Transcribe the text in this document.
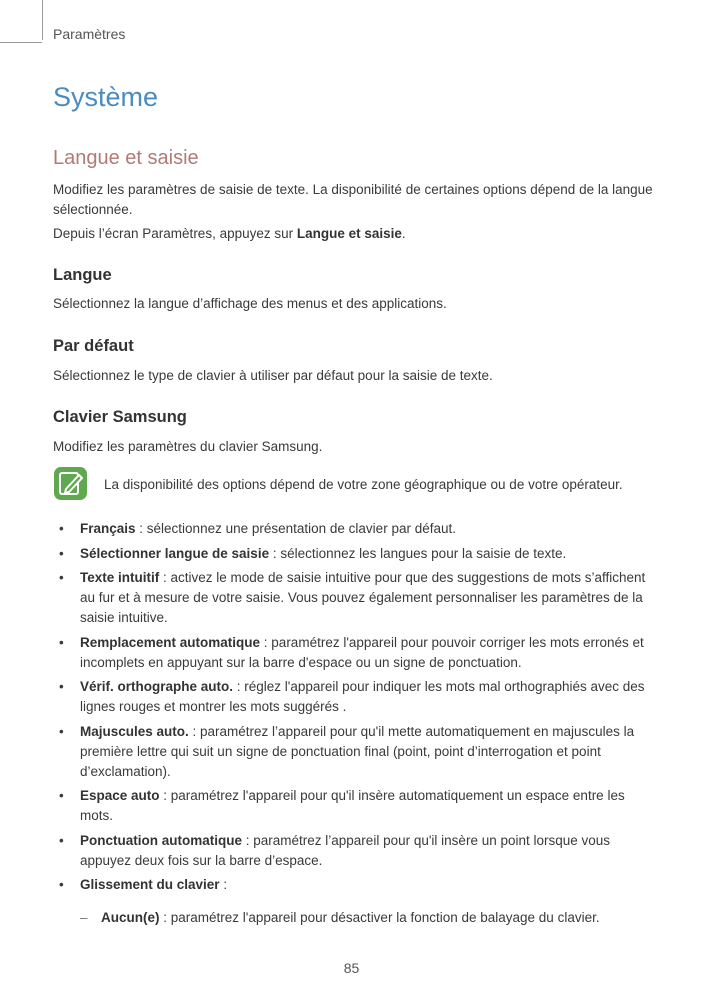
Paramètres
Système
Langue et saisie

Modifiez les paramètres de saisie de texte. La disponibilité de certaines options dépend de la langue sélectionnée.

Depuis l’écran Paramètres, appuyez sur Langue et saisie.

Langue

Sélectionnez la langue d’affichage des menus et des applications.

Par défaut

Sélectionnez le type de clavier à utiliser par défaut pour la saisie de texte.

Clavier Samsung

Modifiez les paramètres du clavier Samsung.

La disponibilité des options dépend de votre zone géographique ou de votre opérateur.
• Français : sélectionnez une présentation de clavier par défaut.
• Sélectionner langue de saisie : sélectionnez les langues pour la saisie de texte.
• Texte intuitif : activez le mode de saisie intuitive pour que des suggestions de mots s’affichent au fur et à mesure de votre saisie. Vous pouvez également personnaliser les paramètres de la saisie intuitive.
• Remplacement automatique : paramétrez l'appareil pour pouvoir corriger les mots erronés et incomplets en appuyant sur la barre d'espace ou un signe de ponctuation.
• Vérif. orthographe auto. : réglez l'appareil pour indiquer les mots mal orthographiés avec des lignes rouges et montrer les mots suggérés .
• Majuscules auto. : paramétrez l’appareil pour qu'il mette automatiquement en majuscules la première lettre qui suit un signe de ponctuation final (point, point d’interrogation et point d’exclamation).
• Espace auto : paramétrez l'appareil pour qu'il insère automatiquement un espace entre les mots.
• Ponctuation automatique : paramétrez l’appareil pour qu'il insère un point lorsque vous appuyez deux fois sur la barre d’espace.
• Glissement du clavier :
– Aucun(e) : paramétrez l'appareil pour désactiver la fonction de balayage du clavier.
85
